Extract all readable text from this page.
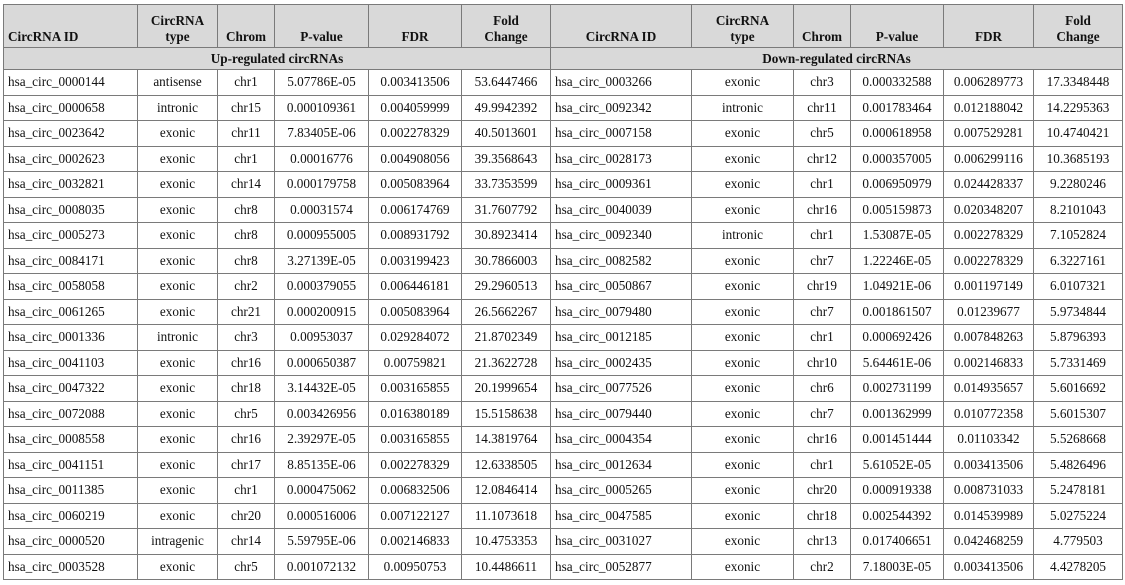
CircRNA ID	CircRNA type	Chrom	P-value	FDR	Fold Change	CircRNA ID	CircRNA type	Chrom	P-value	FDR	Fold Change
Up-regulated circRNAs						Down-regulated circRNAs					
hsa_circ_0000144	antisense	chr1	5.07786E-05	0.003413506	53.6447466	hsa_circ_0003266	exonic	chr3	0.000332588	0.006289773	17.3348448
hsa_circ_0000658	intronic	chr15	0.000109361	0.004059999	49.9942392	hsa_circ_0092342	intronic	chr11	0.001783464	0.012188042	14.2295363
hsa_circ_0023642	exonic	chr11	7.83405E-06	0.002278329	40.5013601	hsa_circ_0007158	exonic	chr5	0.000618958	0.007529281	10.4740421
hsa_circ_0002623	exonic	chr1	0.00016776	0.004908056	39.3568643	hsa_circ_0028173	exonic	chr12	0.000357005	0.006299116	10.3685193
hsa_circ_0032821	exonic	chr14	0.000179758	0.005083964	33.7353599	hsa_circ_0009361	exonic	chr1	0.006950979	0.024428337	9.2280246
hsa_circ_0008035	exonic	chr8	0.00031574	0.006174769	31.7607792	hsa_circ_0040039	exonic	chr16	0.005159873	0.020348207	8.2101043
hsa_circ_0005273	exonic	chr8	0.000955005	0.008931792	30.8923414	hsa_circ_0092340	intronic	chr1	1.53087E-05	0.002278329	7.1052824
hsa_circ_0084171	exonic	chr8	3.27139E-05	0.003199423	30.7866003	hsa_circ_0082582	exonic	chr7	1.22246E-05	0.002278329	6.3227161
hsa_circ_0058058	exonic	chr2	0.000379055	0.006446181	29.2960513	hsa_circ_0050867	exonic	chr19	1.04921E-06	0.001197149	6.0107321
hsa_circ_0061265	exonic	chr21	0.000200915	0.005083964	26.5662267	hsa_circ_0079480	exonic	chr7	0.001861507	0.01239677	5.9734844
hsa_circ_0001336	intronic	chr3	0.00953037	0.029284072	21.8702349	hsa_circ_0012185	exonic	chr1	0.000692426	0.007848263	5.8796393
hsa_circ_0041103	exonic	chr16	0.000650387	0.00759821	21.3622728	hsa_circ_0002435	exonic	chr10	5.64461E-06	0.002146833	5.7331469
hsa_circ_0047322	exonic	chr18	3.14432E-05	0.003165855	20.1999654	hsa_circ_0077526	exonic	chr6	0.002731199	0.014935657	5.6016692
hsa_circ_0072088	exonic	chr5	0.003426956	0.016380189	15.5158638	hsa_circ_0079440	exonic	chr7	0.001362999	0.010772358	5.6015307
hsa_circ_0008558	exonic	chr16	2.39297E-05	0.003165855	14.3819764	hsa_circ_0004354	exonic	chr16	0.001451444	0.01103342	5.5268668
hsa_circ_0041151	exonic	chr17	8.85135E-06	0.002278329	12.6338505	hsa_circ_0012634	exonic	chr1	5.61052E-05	0.003413506	5.4826496
hsa_circ_0011385	exonic	chr1	0.000475062	0.006832506	12.0846414	hsa_circ_0005265	exonic	chr20	0.000919338	0.008731033	5.2478181
hsa_circ_0060219	exonic	chr20	0.000516006	0.007122127	11.1073618	hsa_circ_0047585	exonic	chr18	0.002544392	0.014539989	5.0275224
hsa_circ_0000520	intragenic	chr14	5.59795E-06	0.002146833	10.4753353	hsa_circ_0031027	exonic	chr13	0.017406651	0.042468259	4.779503
hsa_circ_0003528	exonic	chr5	0.001072132	0.00950753	10.4486611	hsa_circ_0052877	exonic	chr2	7.18003E-05	0.003413506	4.4278205
